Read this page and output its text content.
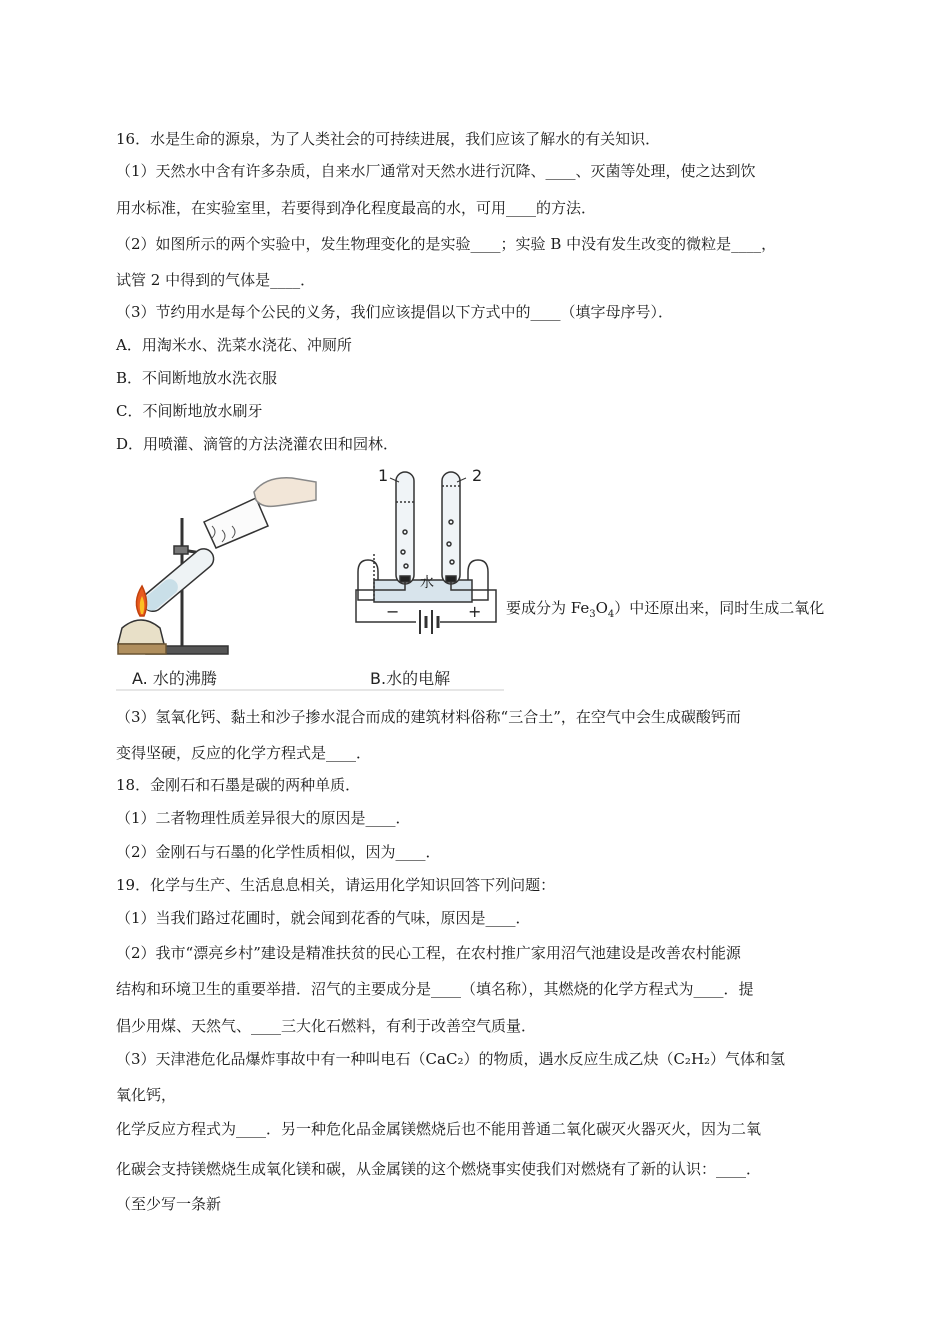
16．水是生命的源泉，为了人类社会的可持续进展，我们应该了解水的有关知识．
（1）天然水中含有许多杂质，自来水厂通常对天然水进行沉降、____、灭菌等处理，使之达到饮
用水标准，在实验室里，若要得到净化程度最高的水，可用____的方法．
（2）如图所示的两个实验中，发生物理变化的是实验____；实验 B 中没有发生改变的微粒是____，
试管 2 中得到的气体是____．
（3）节约用水是每个公民的义务，我们应该提倡以下方式中的____（填字母序号）．
A．用淘米水、洗菜水浇花、冲厕所
B．不间断地放水洗衣服
C．不间断地放水刷牙
D．用喷灌、滴管的方法浇灌农田和园林．
1	2
水
−	+
A. 水的沸腾	B.水的电解
要成分为 $Fe_3O_4$）中还原出来，同时生成二氧化
（3）氢氧化钙、黏土和沙子掺水混合而成的建筑材料俗称“三合土”，在空气中会生成碳酸钙而
变得坚硬，反应的化学方程式是____．
18．金刚石和石墨是碳的两种单质．
（1）二者物理性质差异很大的原因是____．
（2）金刚石与石墨的化学性质相似，因为____．
19．化学与生产、生活息息相关，请运用化学知识回答下列问题：
（1）当我们路过花圃时，就会闻到花香的气味，原因是____．
（2）我市“漂亮乡村”建设是精准扶贫的民心工程，在农村推广家用沼气池建设是改善农村能源
结构和环境卫生的重要举措．沼气的主要成分是____（填名称），其燃烧的化学方程式为____．提
倡少用煤、天然气、____三大化石燃料，有利于改善空气质量．
（3）天津港危化品爆炸事故中有一种叫电石（CaC₂）的物质，遇水反应生成乙炔（C₂H₂）气体和氢
氧化钙，
化学反应方程式为____．另一种危化品金属镁燃烧后也不能用普通二氧化碳灭火器灭火，因为二氧
化碳会支持镁燃烧生成氧化镁和碳，从金属镁的这个燃烧事实使我们对燃烧有了新的认识：____．
（至少写一条新
